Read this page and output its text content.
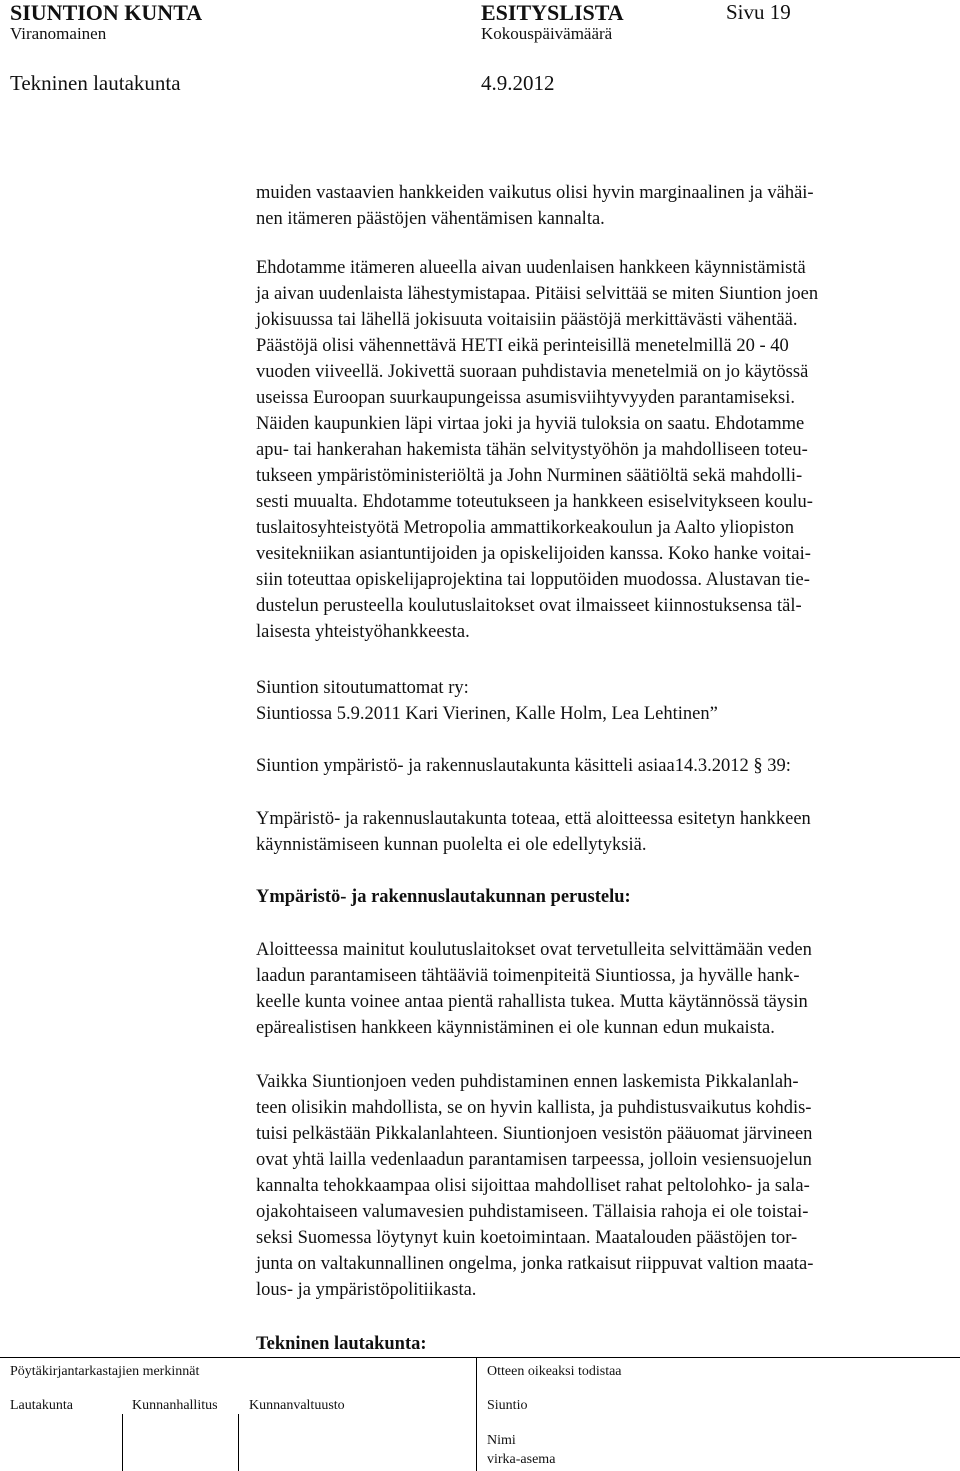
SIUNTION KUNTA	ESITYSLISTA	Sivu 19
Viranomainen	Kokouspäivämäärä
Tekninen lautakunta	4.9.2012
muiden vastaavien hankkeiden vaikutus olisi hyvin marginaalinen ja vähäi-
nen itämeren päästöjen vähentämisen kannalta.
Ehdotamme itämeren alueella aivan uudenlaisen hankkeen käynnistämistä
ja aivan uudenlaista lähestymistapaa. Pitäisi selvittää se miten Siuntion joen
jokisuussa tai lähellä jokisuuta voitaisiin päästöjä merkittävästi vähentää.
Päästöjä olisi vähennettävä HETI eikä perinteisillä menetelmillä 20 - 40
vuoden viiveellä. Jokivettä suoraan puhdistavia menetelmiä on jo käytössä
useissa Euroopan suurkaupungeissa asumisviihtyvyyden parantamiseksi.
Näiden kaupunkien läpi virtaa joki ja hyviä tuloksia on saatu. Ehdotamme
apu- tai hankerahan hakemista tähän selvitystyöhön ja mahdolliseen toteu-
tukseen ympäristöministeriöltä ja John Nurminen säätiöltä sekä mahdolli-
sesti muualta. Ehdotamme toteutukseen ja hankkeen esiselvitykseen koulu-
tuslaitosyhteistyötä Metropolia ammattikorkeakoulun ja Aalto yliopiston
vesitekniikan asiantuntijoiden ja opiskelijoiden kanssa. Koko hanke voitai-
siin toteuttaa opiskelijaprojektina tai lopputöiden muodossa. Alustavan tie-
dustelun perusteella koulutuslaitokset ovat ilmaisseet kiinnostuksensa täl-
laisesta yhteistyöhankkeesta.
Siuntion sitoutumattomat ry:
Siuntiossa 5.9.2011 Kari Vierinen, Kalle Holm, Lea Lehtinen”
Siuntion ympäristö- ja rakennuslautakunta käsitteli asiaa14.3.2012 § 39:
Ympäristö- ja rakennuslautakunta toteaa, että aloitteessa esitetyn hankkeen
käynnistämiseen kunnan puolelta ei ole edellytyksiä.
Ympäristö- ja rakennuslautakunnan perustelu:
Aloitteessa mainitut koulutuslaitokset ovat tervetulleita selvittämään veden
laadun parantamiseen tähtääviä toimenpiteitä Siuntiossa, ja hyvälle hank-
keelle kunta voinee antaa pientä rahallista tukea. Mutta käytännössä täysin
epärealistisen hankkeen käynnistäminen ei ole kunnan edun mukaista.
Vaikka Siuntionjoen veden puhdistaminen ennen laskemista Pikkalanlah-
teen olisikin mahdollista, se on hyvin kallista, ja puhdistusvaikutus kohdis-
tuisi pelkästään Pikkalanlahteen. Siuntionjoen vesistön pääuomat järvineen
ovat yhtä lailla vedenlaadun parantamisen tarpeessa, jolloin vesiensuojelun
kannalta tehokkaampaa olisi sijoittaa mahdolliset rahat peltolohko- ja sala-
ojakohtaiseen valumavesien puhdistamiseen. Tällaisia rahoja ei ole toistai-
seksi Suomessa löytynyt kuin koetoimintaan. Maatalouden päästöjen tor-
junta on valtakunnallinen ongelma, jonka ratkaisut riippuvat valtion maata-
lous- ja ympäristöpolitiikasta.
Tekninen lautakunta:
Pöytäkirjantarkastajien merkinnät
Lautakunta	Kunnanhallitus Kunnanvaltuusto
Otteen oikeaksi todistaa
Siuntio
Nimi
virka-asema
